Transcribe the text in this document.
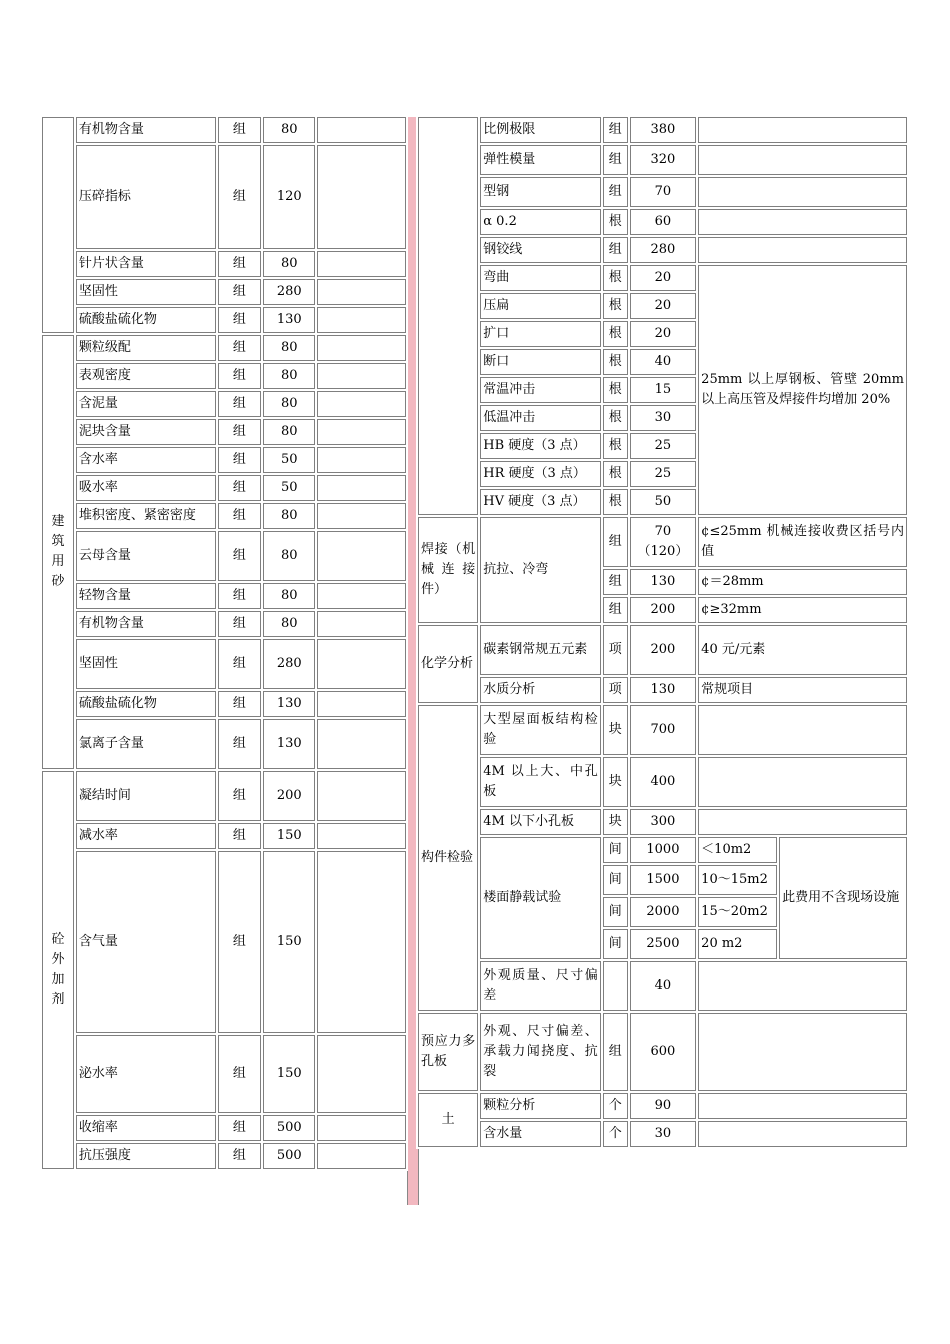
	有机物含量	组	80	
	压碎指标	组	120	
	针片状含量	组	80	
	坚固性	组	280	
	硫酸盐硫化物	组	130	

建
筑
用
砂	颗粒级配	组	80	
	表观密度	组	80	
	含泥量	组	80	
	泥块含量	组	80	
	含水率	组	50	
	吸水率	组	50	
	堆积密度、紧密密度	组	80	
	云母含量	组	80	
	轻物含量	组	80	
	有机物含量	组	80	
	坚固性	组	280	
	硫酸盐硫化物	组	130	
	氯离子含量	组	130	

砼
外
加
剂	凝结时间	组	200	
	减水率	组	150	
	含气量	组	150	
	泌水率	组	150	
	收缩率	组	500	
	抗压强度	组	500	
	比例极限	组	380		
	弹性模量	组	320		
	型钢	组	70		
	α 0.2	根	60		
	钢铰线	组	280		
	弯曲	根	20	25mm 以上厚钢板、管壁 20mm 以上高压管及焊接件均增加 20%	
	压扁	根	20		
	扩口	根	20		
	断口	根	40		
	常温冲击	根	15		
	低温冲击	根	30		
	HB 硬度（3 点）	根	25		
	HR 硬度（3 点）	根	25		
	HV 硬度（3 点）	根	50		
焊接（机械连接件）	抗拉、冷弯	组	70（120）	¢≤25mm 机械连接收费区括号内值	
		组	130	¢＝28mm	
		组	200	¢≥32mm	
化学分析	碳素钢常规五元素	项	200	40 元/元素	
	水质分析	项	130	常规项目	
构件检验	大型屋面板结构检验	块	700		
	4M 以上大、中孔板	块	400		
	4M 以下小孔板	块	300		
	楼面静载试验	间	1000	＜10m2	此费用不含现场设施
		间	1500	10～15m2	
		间	2000	15～20m2	
		间	2500	20 m2	
	外观质量、尺寸偏差		40		
预应力多孔板	外观、尺寸偏差、承载力闻挠度、抗裂	组	600		
土	颗粒分析	个	90		
	含水量	个	30		
